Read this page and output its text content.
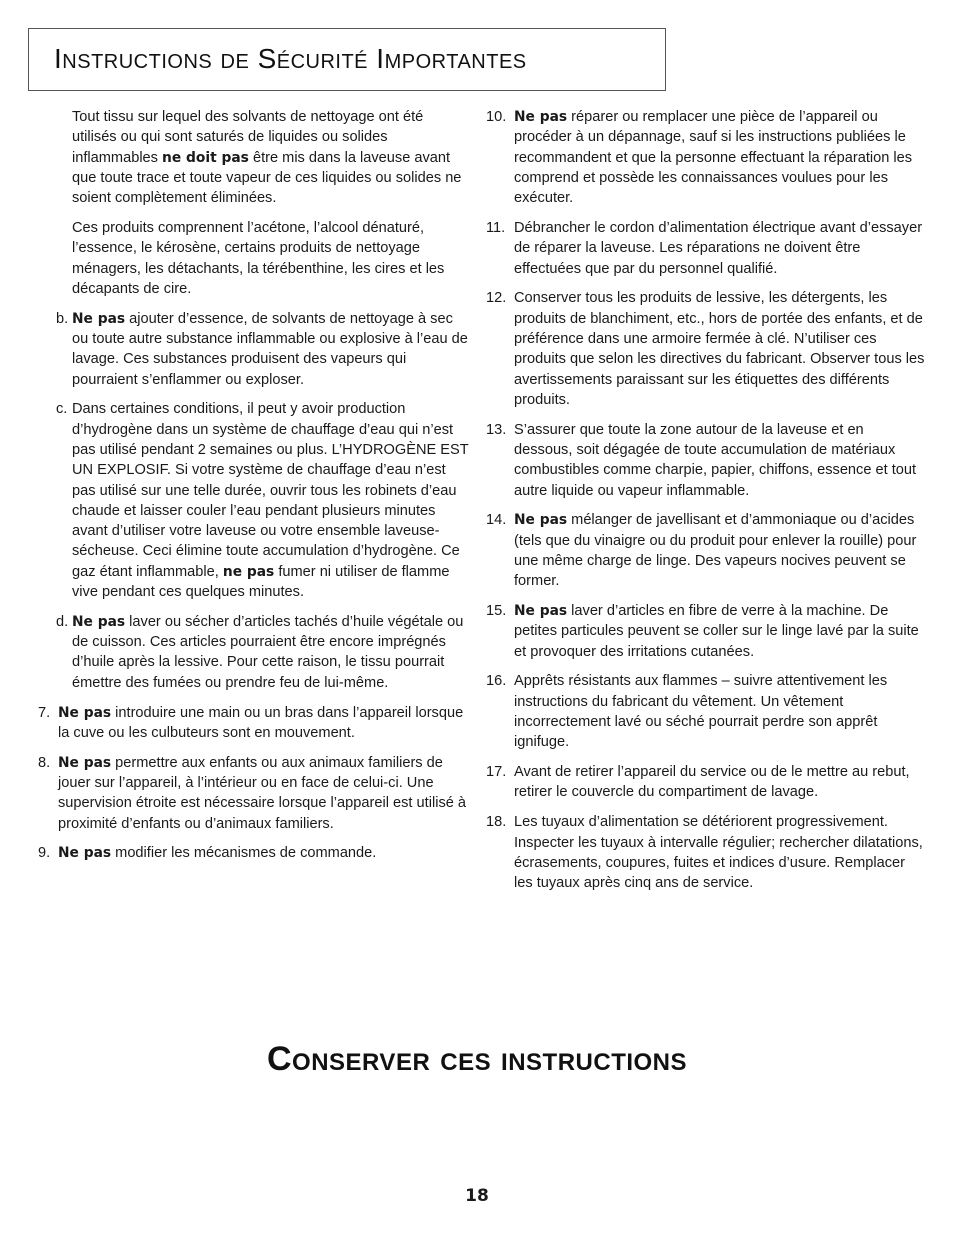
Instructions de Sécurité Importantes

Tout tissu sur lequel des solvants de nettoyage ont été utilisés ou qui sont saturés de liquides ou solides inflammables ne doit pas être mis dans la laveuse avant que toute trace et toute vapeur de ces liquides ou solides ne soient complètement éliminées.

Ces produits comprennent l’acétone, l’alcool dénaturé, l’essence, le kérosène, certains produits de nettoyage ménagers, les détachants, la térébenthine, les cires et les décapants de cire.

b. Ne pas ajouter d’essence, de solvants de nettoyage à sec ou toute autre substance inflammable ou explosive à l’eau de lavage. Ces substances produisent des vapeurs qui pourraient s’enflammer ou exploser.
c. Dans certaines conditions, il peut y avoir production d’hydrogène dans un système de chauffage d’eau qui n’est pas utilisé pendant 2 semaines ou plus. L’HYDROGÈNE EST UN EXPLOSIF. Si votre système de chauffage d’eau n’est pas utilisé sur une telle durée, ouvrir tous les robinets d’eau chaude et laisser couler l’eau pendant plusieurs minutes avant d’utiliser votre laveuse ou votre ensemble laveuse-sécheuse. Ceci élimine toute accumulation d’hydrogène. Ce gaz étant inflammable, ne pas fumer ni utiliser de flamme vive pendant ces quelques minutes.
d. Ne pas laver ou sécher d’articles tachés d’huile végétale ou de cuisson. Ces articles pourraient être encore imprégnés d’huile après la lessive. Pour cette raison, le tissu pourrait émettre des fumées ou prendre feu de lui-même.
7. Ne pas introduire une main ou un bras dans l’appareil lorsque la cuve ou les culbuteurs sont en mouvement.
8. Ne pas permettre aux enfants ou aux animaux familiers de jouer sur l’appareil, à l’intérieur ou en face de celui-ci. Une supervision étroite est nécessaire lorsque l’appareil est utilisé à proximité d’enfants ou d’animaux familiers.
9. Ne pas modifier les mécanismes de commande.
10. Ne pas réparer ou remplacer une pièce de l’appareil ou procéder à un dépannage, sauf si les instructions publiées le recommandent et que la personne effectuant la réparation les comprend et possède les connaissances voulues pour les exécuter.
11. Débrancher le cordon d’alimentation électrique avant d’essayer de réparer la laveuse. Les réparations ne doivent être effectuées que par du personnel qualifié.
12. Conserver tous les produits de lessive, les détergents, les produits de blanchiment, etc., hors de portée des enfants, et de préférence dans une armoire fermée à clé. N’utiliser ces produits que selon les directives du fabricant. Observer tous les avertissements paraissant sur les étiquettes des différents produits.
13. S’assurer que toute la zone autour de la laveuse et en dessous, soit dégagée de toute accumulation de matériaux combustibles comme charpie, papier, chiffons, essence et tout autre liquide ou vapeur inflammable.
14. Ne pas mélanger de javellisant et d’ammoniaque ou d’acides (tels que du vinaigre ou du produit pour enlever la rouille) pour une même charge de linge. Des vapeurs nocives peuvent se former.
15. Ne pas laver d’articles en fibre de verre à la machine. De petites particules peuvent se coller sur le linge lavé par la suite et provoquer des irritations cutanées.
16. Apprêts résistants aux flammes – suivre attentivement les instructions du fabricant du vêtement. Un vêtement incorrectement lavé ou séché pourrait perdre son apprêt ignifuge.
17. Avant de retirer l’appareil du service ou de le mettre au rebut, retirer le couvercle du compartiment de lavage.
18. Les tuyaux d’alimentation se détériorent progressivement. Inspecter les tuyaux à intervalle régulier; rechercher dilatations, écrasements, coupures, fuites et indices d’usure. Remplacer les tuyaux après cinq ans de service.
Conserver ces instructions
18
